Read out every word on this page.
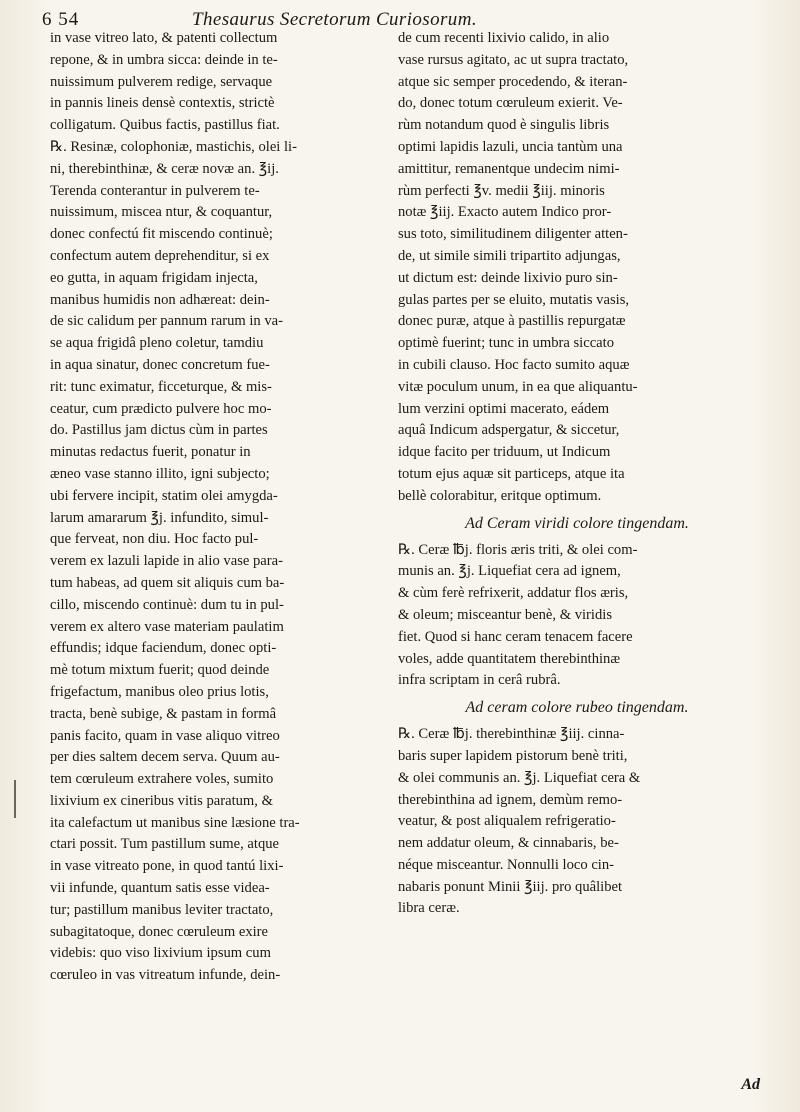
6 54	Thesaurus Secretorum Curiosorum.
in vase vitreo lato, & patenti collectum
repone, & in umbra sicca: deinde in te-
nuissimum pulverem redige, servaque
in pannis lineis densè contextis, strictè
colligatum. Quibus factis, pastillus fiat.
℞. Resinæ, colophoniæ, mastichis, olei li-
ni, therebinthinæ, & ceræ novæ an. ℥ij.
Terenda conterantur in pulverem te-
nuissimum, miscea ntur, & coquantur,
donec confectú fit miscendo continuè;
confectum autem deprehenditur, si ex
eo gutta, in aquam frigidam injecta,
manibus humidis non adhæreat: dein-
de sic calidum per pannum rarum in va-
se aqua frigidâ pleno coletur, tamdiu
in aqua sinatur, donec concretum fue-
rit: tunc eximatur, ficceturque, & mis-
ceatur, cum prædicto pulvere hoc mo-
do. Pastillus jam dictus cùm in partes
minutas redactus fuerit, ponatur in
æneo vase stanno illito, igni subjecto;
ubi fervere incipit, statim olei amygda-
larum amararum ℥j. infundito, simul-
que ferveat, non diu. Hoc facto pul-
verem ex lazuli lapide in alio vase para-
tum habeas, ad quem sit aliquis cum ba-
cillo, miscendo continuè: dum tu in pul-
verem ex altero vase materiam paulatim
effundis; idque faciendum, donec opti-
mè totum mixtum fuerit; quod deinde
frigefactum, manibus oleo prius lotis,
tracta, benè subige, & pastam in formâ
panis facito, quam in vase aliquo vitreo
per dies saltem decem serva. Quum au-
tem cœruleum extrahere voles, sumito
lixivium ex cineribus vitis paratum, &
ita calefactum ut manibus sine læsione tra-
ctari possit. Tum pastillum sume, atque
in vase vitreato pone, in quod tantú lixi-
vii infunde, quantum satis esse videa-
tur; pastillum manibus leviter tractato,
subagitatoque, donec cœruleum exire
videbis: quo viso lixivium ipsum cum
cœruleo in vas vitreatum infunde, dein-
de cum recenti lixivio calido, in alio
vase rursus agitato, ac ut supra tractato,
atque sic semper procedendo, & iteran-
do, donec totum cœruleum exierit. Ve-
rùm notandum quod è singulis libris
optimi lapidis lazuli, uncia tantùm una
amittitur, remanentque undecim nimi-
rùm perfecti ℥v. medii ℥iij. minoris
notæ ℥iij. Exacto autem Indico pror-
sus toto, similitudinem diligenter atten-
de, ut simile simili tripartito adjungas,
ut dictum est: deinde lixivio puro sin-
gulas partes per se eluito, mutatis vasis,
donec puræ, atque à pastillis repurgatæ
optimè fuerint; tunc in umbra siccato
in cubili clauso. Hoc facto sumito aquæ
vitæ poculum unum, in ea que aliquantu-
lum verzini optimi macerato, eádem
aquâ Indicum adspergatur, & siccetur,
idque facito per triduum, ut Indicum
totum ejus aquæ sit particeps, atque ita
bellè colorabitur, eritque optimum.
Ad Ceram viridi colore tingendam.
℞. Ceræ ℔j. floris æris triti, & olei com-
munis an. ℥j. Liquefiat cera ad ignem,
& cùm ferè refrixerit, addatur flos æris,
& oleum; misceantur benè, & viridis
fiet. Quod si hanc ceram tenacem facere
voles, adde quantitatem therebinthinæ
infra scriptam in cerâ rubrâ.
Ad ceram colore rubeo tingendam.
℞. Ceræ ℔j. therebinthinæ ℥iij. cinna-
baris super lapidem pistorum benè triti,
& olei communis an. ℥j. Liquefiat cera &
therebinthina ad ignem, demùm remo-
veatur, & post aliqualem refrigeratio-
nem addatur oleum, & cinnabaris, be-
néque misceantur. Nonnulli loco cin-
nabaris ponunt Minii ℥iij. pro quâlibet
libra ceræ.
Ad
